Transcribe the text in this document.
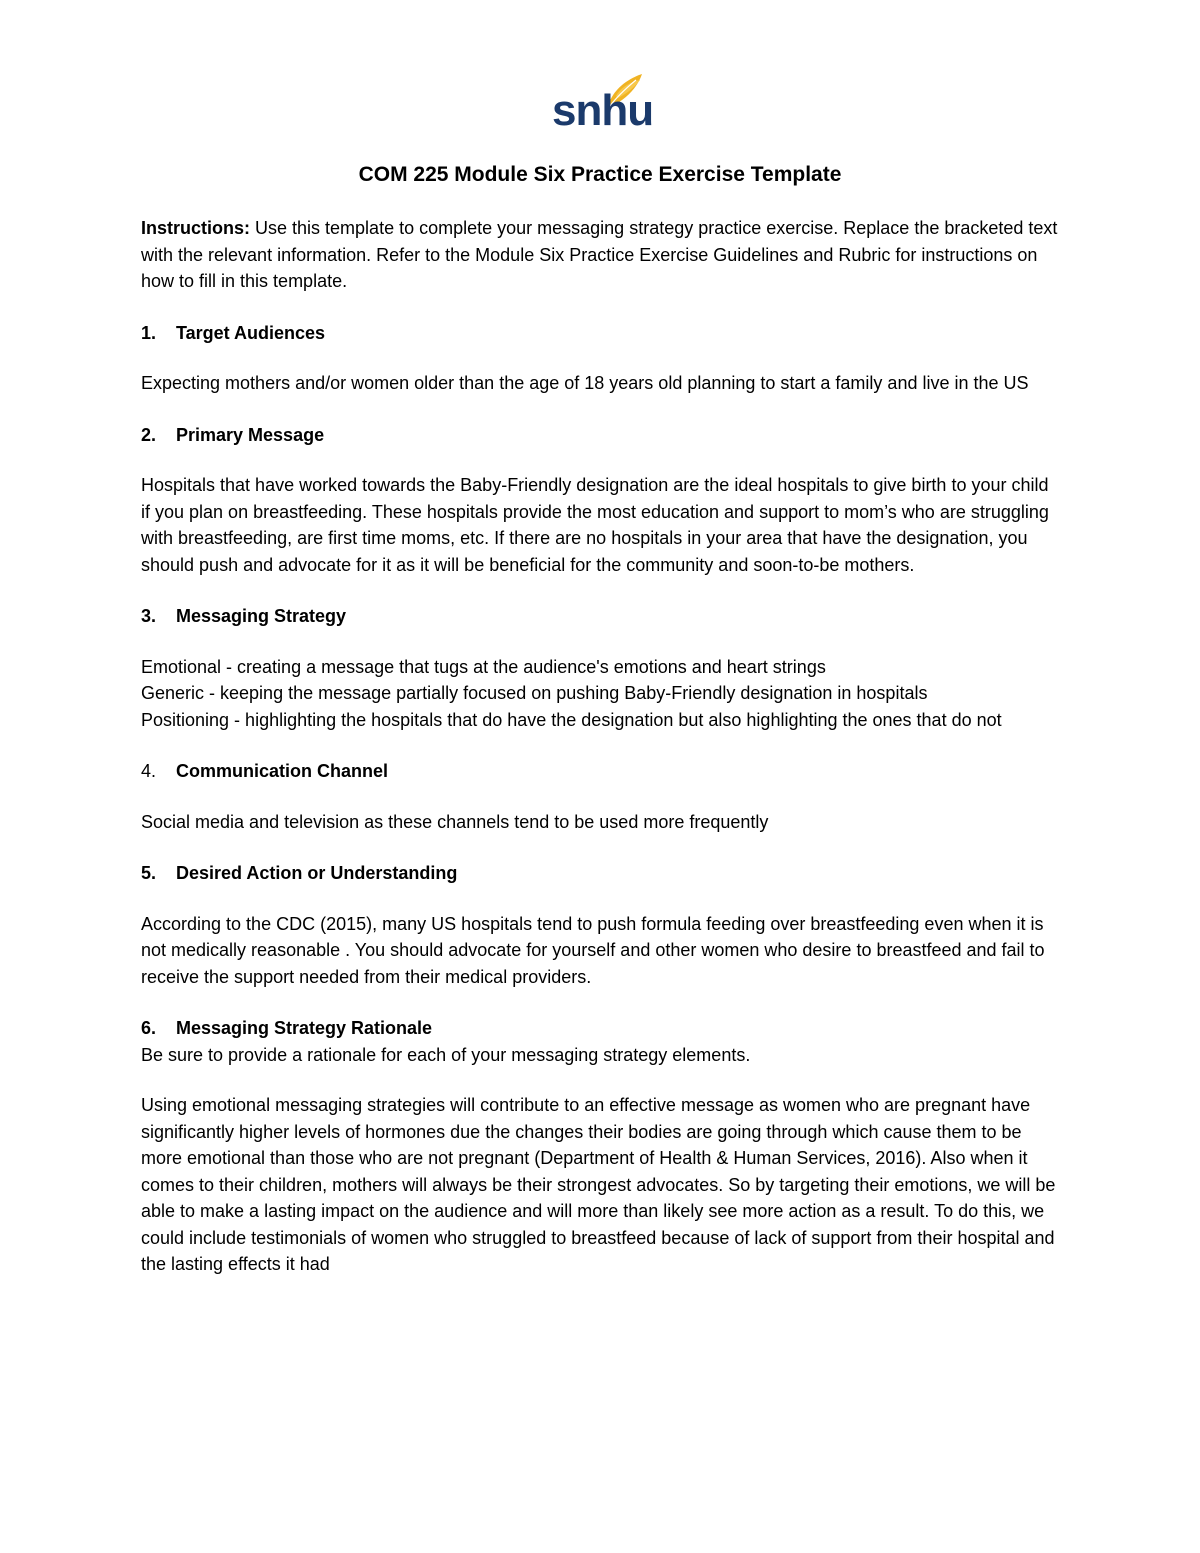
snhu
COM 225 Module Six Practice Exercise Template

Instructions: Use this template to complete your messaging strategy practice exercise. Replace the bracketed text with the relevant information. Refer to the Module Six Practice Exercise Guidelines and Rubric for instructions on how to fill in this template.

1.	Target Audiences

Expecting mothers and/or women older than the age of 18 years old planning to start a family and live in the US

2.	Primary Message

Hospitals that have worked towards the Baby-Friendly designation are the ideal hospitals to give birth to your child if you plan on breastfeeding. These hospitals provide the most education and support to mom’s who are struggling with breastfeeding, are first time moms, etc. If there are no hospitals in your area that have the designation, you should push and advocate for it as it will be beneficial for the community and soon-to-be mothers.

3.	Messaging Strategy

Emotional - creating a message that tugs at the audience's emotions and heart strings

Generic - keeping the message partially focused on pushing Baby-Friendly designation in hospitals

Positioning - highlighting the hospitals that do have the designation but also highlighting the ones that do not

4.	Communication Channel

Social media and television as these channels tend to be used more frequently

5.	Desired Action or Understanding

According to the CDC (2015), many US hospitals tend to push formula feeding over breastfeeding even when it is not medically reasonable . You should advocate for yourself and other women who desire to breastfeed and fail to receive the support needed from their medical providers.

6.	Messaging Strategy Rationale

Be sure to provide a rationale for each of your messaging strategy elements.

Using emotional messaging strategies will contribute to an effective message as women who are pregnant have significantly higher levels of hormones due the changes their bodies are going through which cause them to be more emotional than those who are not pregnant (Department of Health & Human Services, 2016). Also when it comes to their children, mothers will always be their strongest advocates. So by targeting their emotions, we will be able to make a lasting impact on the audience and will more than likely see more action as a result. To do this, we could include testimonials of women who struggled to breastfeed because of lack of support from their hospital and the lasting effects it had
